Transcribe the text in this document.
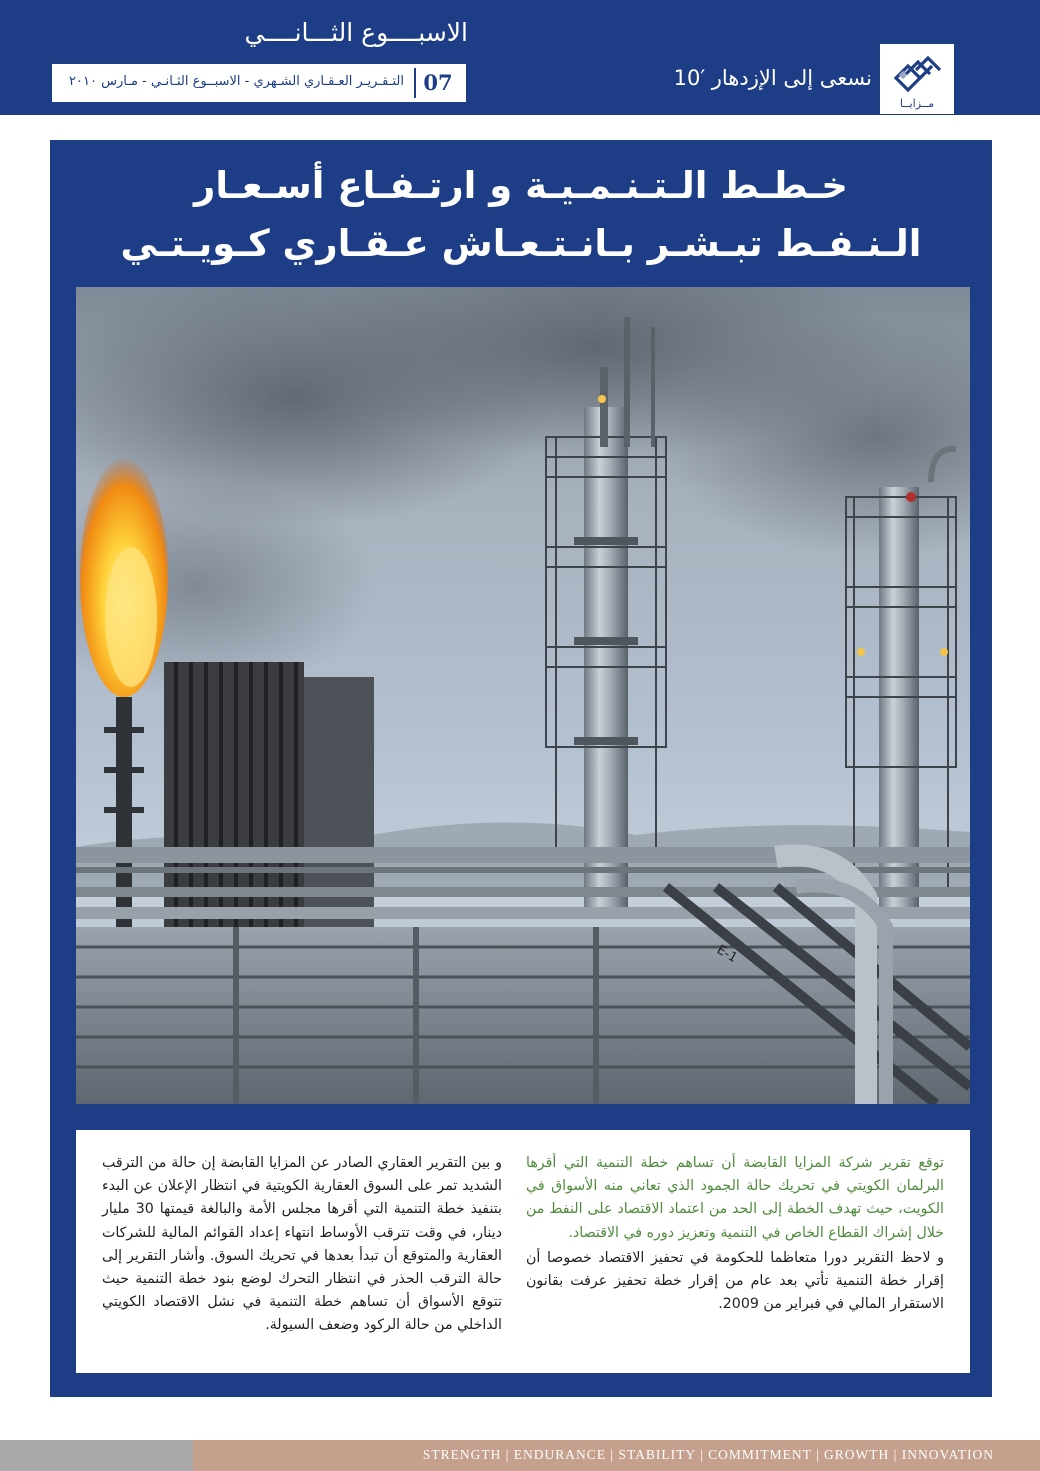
الاسبــــوع الثـــانــــي
07
التـقـريـر العـقـاري الشـهري - الاسبــوع الثـانـي - مـارس ٢٠١٠	نسعى إلى الإزدهار ′10
مــزايــا
خـطـط الـتـنـمـيـة و ارتـفـاع أسـعـار
الـنـفـط تبـشـر بـانـتـعـاش عـقـاري كـويـتـي
E-1

توقع تقرير شركة المزايا القابضة أن تساهم خطة التنمية التي أقرها البرلمان الكويتي في تحريك حالة الجمود الذي تعاني منه الأسواق في الكويت، حيث تهدف الخطة إلى الحد من اعتماد الاقتصاد على النفط من خلال إشراك القطاع الخاص في التنمية وتعزيز دوره في الاقتصاد.

و لاحظ التقرير دورا متعاظما للحكومة في تحفيز الاقتصاد خصوصا أن إقرار خطة التنمية تأتي بعد عام من إقرار خطة تحفيز عرفت بقانون الاستقرار المالي في فبراير من 2009.

و بين التقرير العقاري الصادر عن المزايا القابضة إن حالة من الترقب الشديد تمر على السوق العقارية الكويتية في انتظار الإعلان عن البدء بتنفيذ خطة التنمية التي أقرها مجلس الأمة والبالغة قيمتها 30 مليار دينار، في وقت تترقب الأوساط انتهاء إعداد القوائم المالية للشركات العقارية والمتوقع أن تبدأ بعدها في تحريك السوق. وأشار التقرير إلى حالة الترقب الحذر في انتظار التحرك لوضع بنود خطة التنمية حيث تتوقع الأسواق أن تساهم خطة التنمية في نشل الاقتصاد الكويتي الداخلي من حالة الركود وضعف السيولة.
STRENGTH | ENDURANCE | STABILITY | COMMITMENT | GROWTH | INNOVATION
